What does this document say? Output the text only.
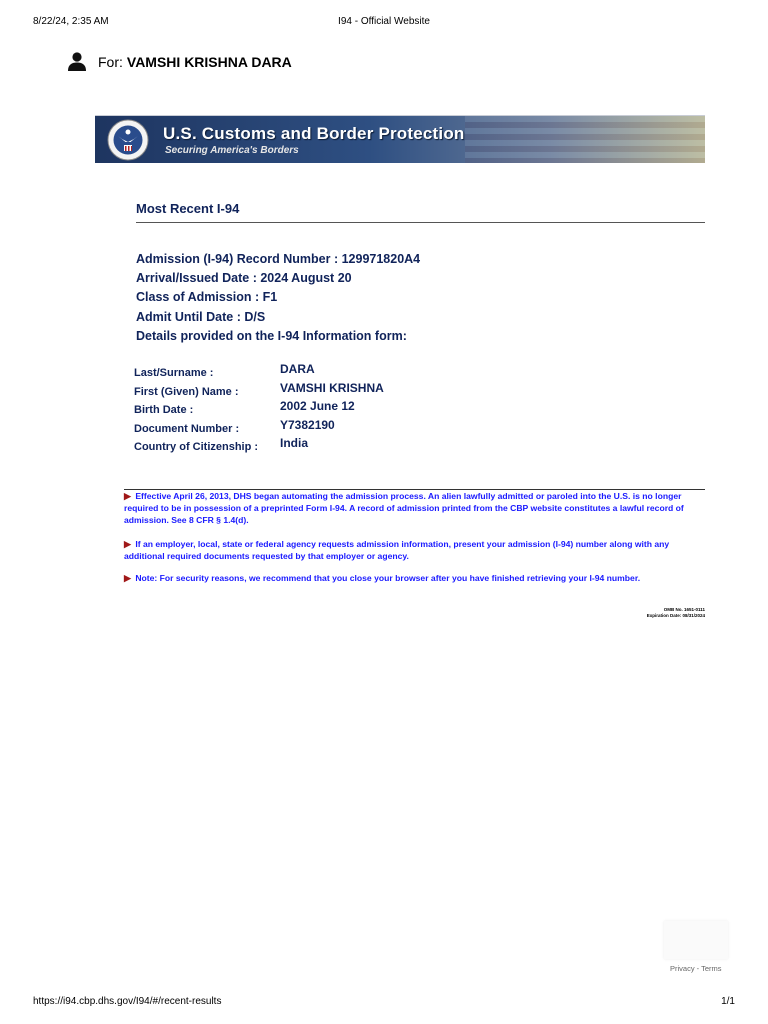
8/22/24, 2:35 AM	I94 - Official Website
For: VAMSHI KRISHNA DARA
U.S. Customs and Border Protection
Securing America's Borders
Most Recent I-94
Admission (I-94) Record Number : 129971820A4
Arrival/Issued Date : 2024 August 20
Class of Admission : F1
Admit Until Date : D/S
Details provided on the I-94 Information form:
Last/Surname :	DARA
First (Given) Name :	VAMSHI KRISHNA
Birth Date :	2002 June 12
Document Number :	Y7382190
Country of Citizenship :	India
▶ Effective April 26, 2013, DHS began automating the admission process. An alien lawfully admitted or paroled into the U.S. is no longer required to be in possession of a preprinted Form I-94. A record of admission printed from the CBP website constitutes a lawful record of admission. See 8 CFR § 1.4(d).
▶ If an employer, local, state or federal agency requests admission information, present your admission (I-94) number along with any additional required documents requested by that employer or agency.
▶ Note: For security reasons, we recommend that you close your browser after you have finished retrieving your I-94 number.
OMB No. 1651-0111
Expiration Date: 08/31/2024
Privacy - Terms
https://i94.cbp.dhs.gov/I94/#/recent-results	1/1
